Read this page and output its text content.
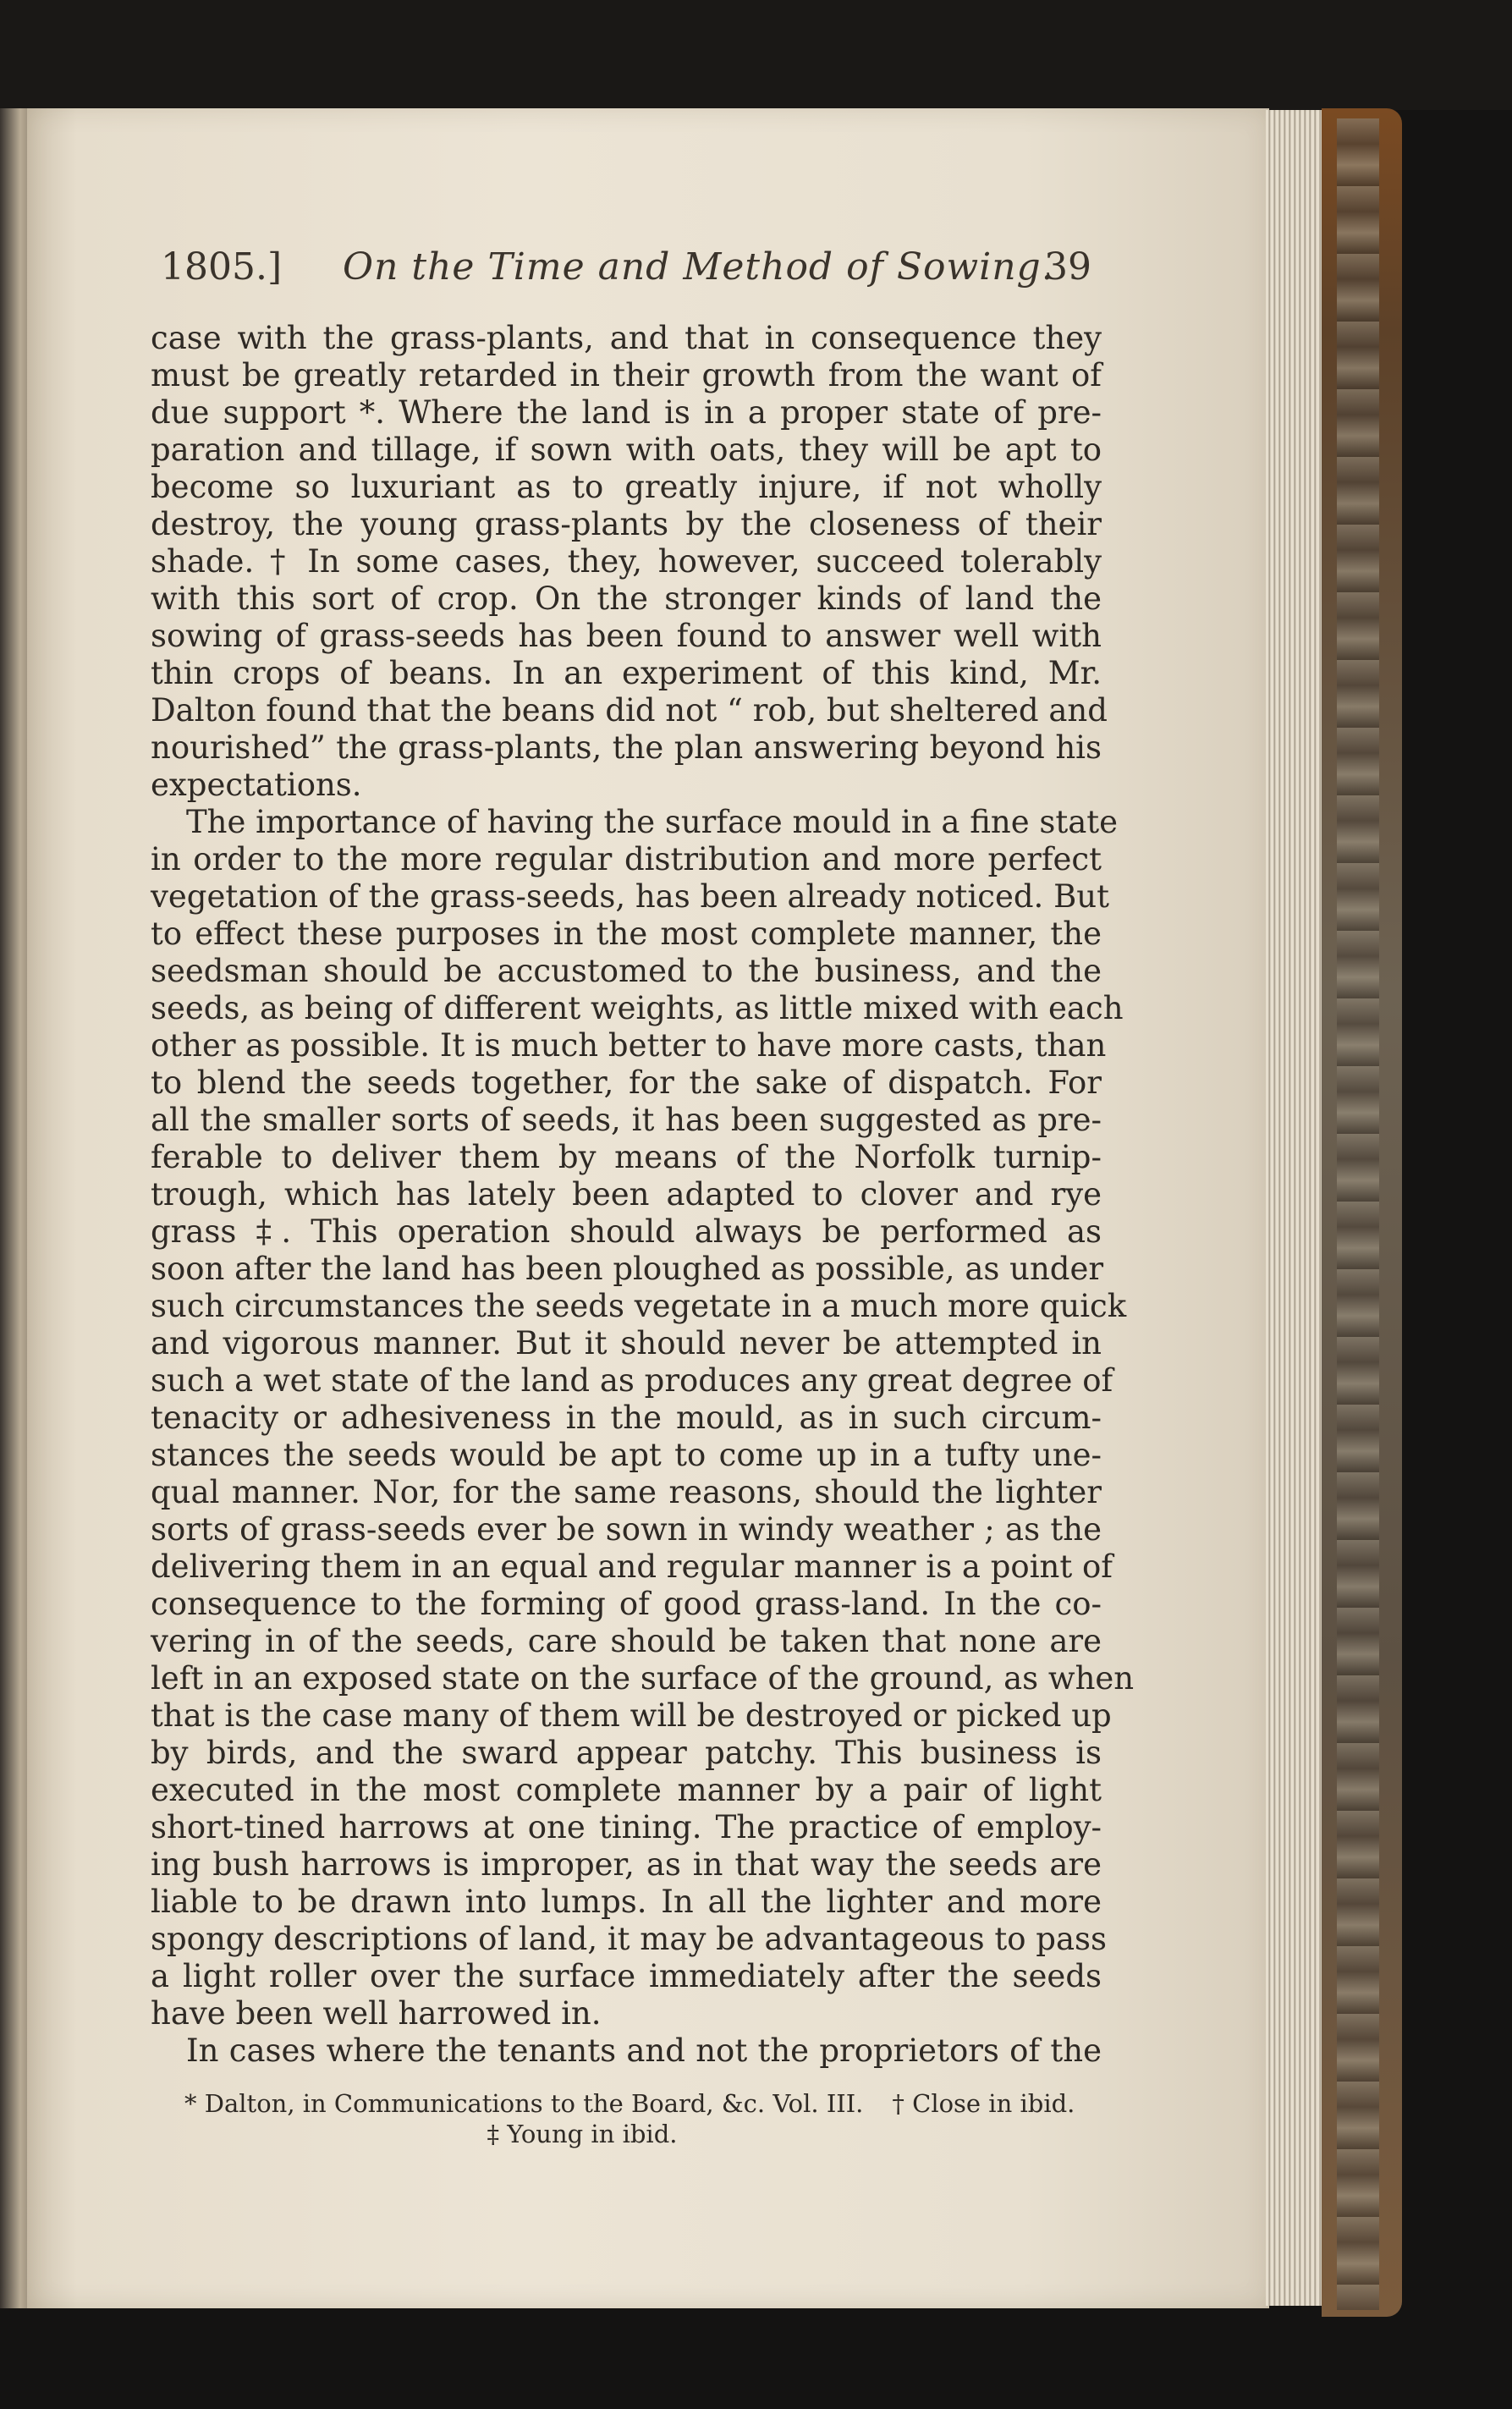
1805.] On the Time and Method of Sowing.
39
case with the grass-plants, and that in consequence they
must be greatly retarded in their growth from the want of
due support *. Where the land is in a proper state of pre-
paration and tillage, if sown with oats, they will be apt to
become so luxuriant as to greatly injure, if not wholly
destroy, the young grass-plants by the closeness of their
shade. † In some cases, they, however, succeed tolerably
with this sort of crop. On the stronger kinds of land the
sowing of grass-seeds has been found to answer well with
thin crops of beans. In an experiment of this kind, Mr.
Dalton found that the beans did not “ rob, but sheltered and
nourished” the grass-plants, the plan answering beyond his
expectations.
The importance of having the surface mould in a fine state
in order to the more regular distribution and more perfect
vegetation of the grass-seeds, has been already noticed. But
to effect these purposes in the most complete manner, the
seedsman should be accustomed to the business, and the
seeds, as being of different weights, as little mixed with each
other as possible. It is much better to have more casts, than
to blend the seeds together, for the sake of dispatch. For
all the smaller sorts of seeds, it has been suggested as pre-
ferable to deliver them by means of the Norfolk turnip-
trough, which has lately been adapted to clover and rye
grass ‡. This operation should always be performed as
soon after the land has been ploughed as possible, as under
such circumstances the seeds vegetate in a much more quick
and vigorous manner. But it should never be attempted in
such a wet state of the land as produces any great degree of
tenacity or adhesiveness in the mould, as in such circum-
stances the seeds would be apt to come up in a tufty une-
qual manner. Nor, for the same reasons, should the lighter
sorts of grass-seeds ever be sown in windy weather ; as the
delivering them in an equal and regular manner is a point of
consequence to the forming of good grass-land. In the co-
vering in of the seeds, care should be taken that none are
left in an exposed state on the surface of the ground, as when
that is the case many of them will be destroyed or picked up
by birds, and the sward appear patchy. This business is
executed in the most complete manner by a pair of light
short-tined harrows at one tining. The practice of employ-
ing bush harrows is improper, as in that way the seeds are
liable to be drawn into lumps. In all the lighter and more
spongy descriptions of land, it may be advantageous to pass
a light roller over the surface immediately after the seeds
have been well harrowed in.
In cases where the tenants and not the proprietors of the
* Dalton, in Communications to the Board, &c. Vol. III. † Close in ibid.
‡ Young in ibid.
